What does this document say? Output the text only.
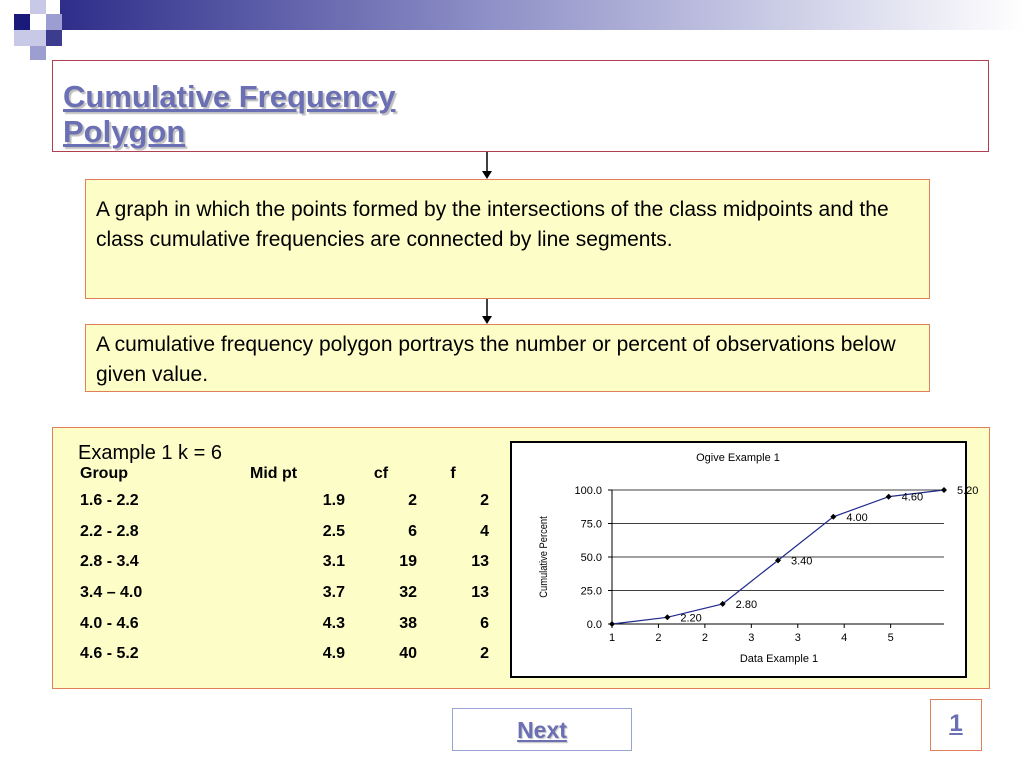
Cumulative Frequency
Polygon
A graph in which the points formed by the intersections of the class midpoints and the class cumulative frequencies are connected by line segments.
A cumulative frequency polygon portrays the number or percent of observations below given value.
Example 1 k = 6
Group	Mid pt	cf	f
1.6 - 2.2	1.9	2	2
2.2 - 2.8	2.5	6	4
2.8 - 3.4	3.1	19	13
3.4 – 4.0	3.7	32	13
4.0 - 4.6	4.3	38	6
4.6 - 5.2	4.9	40	2
Ogive Example 1
0.0
25.0
50.0
75.0
100.0
1	2	2	3	3	4	5
Data Example 1
Cumulative Percent
2.20
2.80
3.40
4.00
4.60
5.20
Next	1
